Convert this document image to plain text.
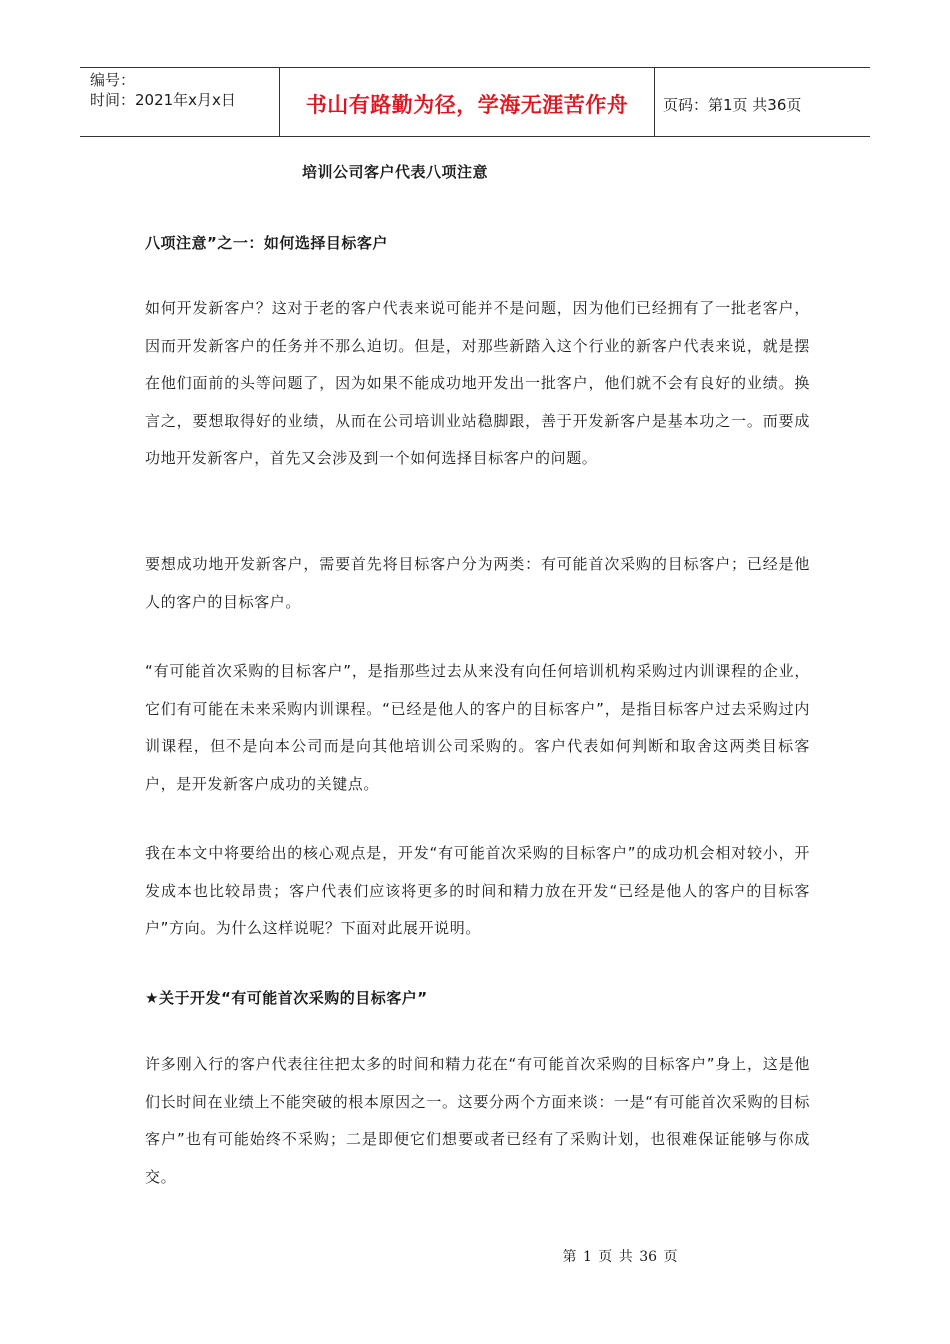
编号：
时间：2021年x月x日	书山有路勤为径，学海无涯苦作舟	页码：第1页 共36页
培训公司客户代表八项注意
八项注意”之一：如何选择目标客户

如何开发新客户？这对于老的客户代表来说可能并不是问题，因为他们已经拥有了一批老客户，因而开发新客户的任务并不那么迫切。但是，对那些新踏入这个行业的新客户代表来说，就是摆在他们面前的头等问题了，因为如果不能成功地开发出一批客户，他们就不会有良好的业绩。换言之，要想取得好的业绩，从而在公司培训业站稳脚跟，善于开发新客户是基本功之一。而要成功地开发新客户，首先又会涉及到一个如何选择目标客户的问题。

要想成功地开发新客户，需要首先将目标客户分为两类：有可能首次采购的目标客户；已经是他人的客户的目标客户。

“有可能首次采购的目标客户”，是指那些过去从来没有向任何培训机构采购过内训课程的企业，它们有可能在未来采购内训课程。“已经是他人的客户的目标客户”，是指目标客户过去采购过内训课程，但不是向本公司而是向其他培训公司采购的。客户代表如何判断和取舍这两类目标客户，是开发新客户成功的关键点。

我在本文中将要给出的核心观点是，开发“有可能首次采购的目标客户”的成功机会相对较小，开发成本也比较昂贵；客户代表们应该将更多的时间和精力放在开发“已经是他人的客户的目标客户”方向。为什么这样说呢？下面对此展开说明。

★关于开发“有可能首次采购的目标客户”

许多刚入行的客户代表往往把太多的时间和精力花在“有可能首次采购的目标客户”身上，这是他们长时间在业绩上不能突破的根本原因之一。这要分两个方面来谈：一是“有可能首次采购的目标客户”也有可能始终不采购；二是即便它们想要或者已经有了采购计划，也很难保证能够与你成交。

第 1 页 共 36 页
